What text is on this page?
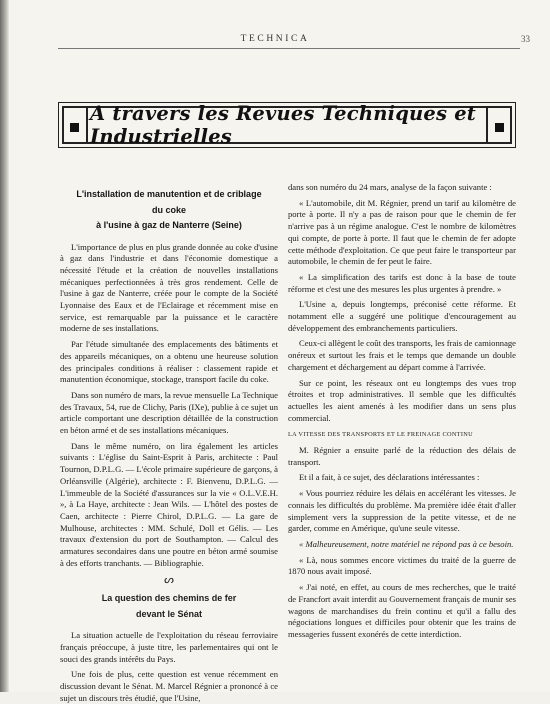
TECHNICA	33
A travers les Revues Techniques et Industrielles
L'installation de manutention et de criblage
du coke
à l'usine à gaz de Nanterre (Seine)

L'importance de plus en plus grande donnée au coke d'usine à gaz dans l'industrie et dans l'économie domestique a nécessité l'étude et la création de nouvelles installations mécaniques perfectionnées à très gros rendement. Celle de l'usine à gaz de Nanterre, créée pour le compte de la Société Lyonnaise des Eaux et de l'Eclairage et récemment mise en service, est remarquable par la puissance et le caractère moderne de ses installations.

Par l'étude simultanée des emplacements des bâtiments et des appareils mécaniques, on a obtenu une heureuse solution des principales conditions à réaliser : classement rapide et manutention économique, stockage, transport facile du coke.

Dans son numéro de mars, la revue mensuelle La Technique des Travaux, 54, rue de Clichy, Paris (IXe), publie à ce sujet un article comportant une description détaillée de la construction en béton armé et de ses installations mécaniques.

Dans le même numéro, on lira également les articles suivants : L'église du Saint-Esprit à Paris, architecte : Paul Tournon, D.P.L.G. — L'école primaire supérieure de garçons, à Orléansville (Algérie), architecte : F. Bienvenu, D.P.L.G. — L'immeuble de la Société d'assurances sur la vie « O.L.V.E.H. », à La Haye, architecte : Jean Wils. — L'hôtel des postes de Caen, architecte : Pierre Chirol, D.P.L.G. — La gare de Mulhouse, architectes : MM. Schulé, Doll et Gélis. — Les travaux d'extension du port de Southampton. — Calcul des armatures secondaires dans une poutre en béton armé soumise à des efforts tranchants. — Bibliographie.

ᔕ
La question des chemins de fer
devant le Sénat

La situation actuelle de l'exploitation du réseau ferroviaire français préoccupe, à juste titre, les parlementaires qui ont le souci des grands intérêts du Pays.

Une fois de plus, cette question est venue récemment en discussion devant le Sénat. M. Marcel Régnier a prononcé à ce sujet un discours très étudié, que l'Usine,

dans son numéro du 24 mars, analyse de la façon suivante :

« L'automobile, dit M. Régnier, prend un tarif au kilomètre de porte à porte. Il n'y a pas de raison pour que le chemin de fer n'arrive pas à un régime analogue. C'est le nombre de kilomètres qui compte, de porte à porte. Il faut que le chemin de fer adopte cette méthode d'exploitation. Ce que peut faire le transporteur par automobile, le chemin de fer peut le faire.

« La simplification des tarifs est donc à la base de toute réforme et c'est une des mesures les plus urgentes à prendre. »

L'Usine a, depuis longtemps, préconisé cette réforme. Et notamment elle a suggéré une politique d'encouragement au développement des embranchements particuliers.

Ceux-ci allègent le coût des transports, les frais de camionnage onéreux et surtout les frais et le temps que demande un double chargement et déchargement au départ comme à l'arrivée.

Sur ce point, les réseaux ont eu longtemps des vues trop étroites et trop administratives. Il semble que les difficultés actuelles les aient amenés à les modifier dans un sens plus commercial.

LA VITESSE DES TRANSPORTS ET LE FREINAGE CONTINU

M. Régnier a ensuite parlé de la réduction des délais de transport.

Et il a fait, à ce sujet, des déclarations intéressantes :

« Vous pourriez réduire les délais en accélérant les vitesses. Je connais les difficultés du problème. Ma première idée était d'aller simplement vers la suppression de la petite vitesse, et de ne garder, comme en Amérique, qu'une seule vitesse.

« Malheureusement, notre matériel ne répond pas à ce besoin.

« Là, nous sommes encore victimes du traité de la guerre de 1870 nous avait imposé.

« J'ai noté, en effet, au cours de mes recherches, que le traité de Francfort avait interdit au Gouvernement français de munir ses wagons de marchandises du frein continu et qu'il a fallu des négociations longues et difficiles pour obtenir que les trains de messageries fussent exonérés de cette interdiction.
